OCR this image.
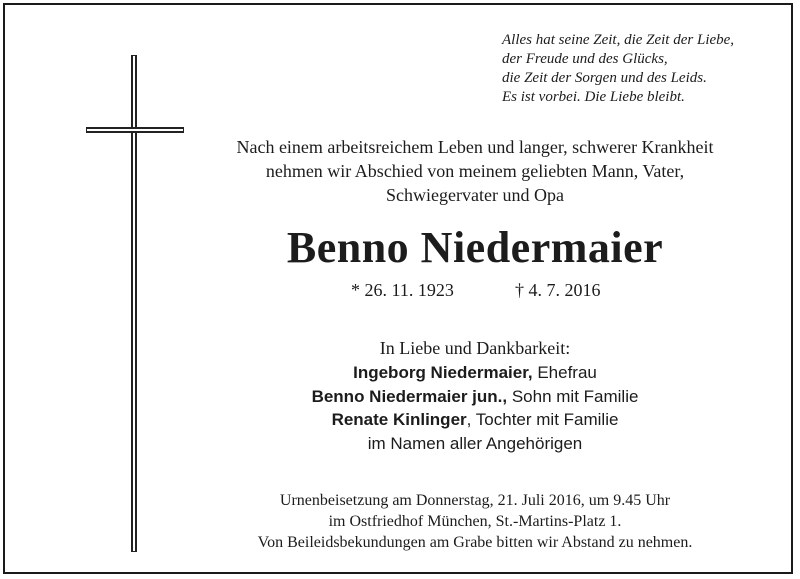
Alles hat seine Zeit, die Zeit der Liebe,
der Freude und des Glücks,
die Zeit der Sorgen und des Leids.
Es ist vorbei. Die Liebe bleibt.
Nach einem arbeitsreichem Leben und langer, schwerer Krankheit
nehmen wir Abschied von meinem geliebten Mann, Vater,
Schwiegervater und Opa
Benno Niedermaier
* 26. 11. 1923	† 4. 7. 2016
In Liebe und Dankbarkeit:
Ingeborg Niedermaier, Ehefrau
Benno Niedermaier jun., Sohn mit Familie
Renate Kinlinger, Tochter mit Familie
im Namen aller Angehörigen
Urnenbeisetzung am Donnerstag, 21. Juli 2016, um 9.45 Uhr
im Ostfriedhof München, St.-Martins-Platz 1.
Von Beileidsbekundungen am Grabe bitten wir Abstand zu nehmen.
